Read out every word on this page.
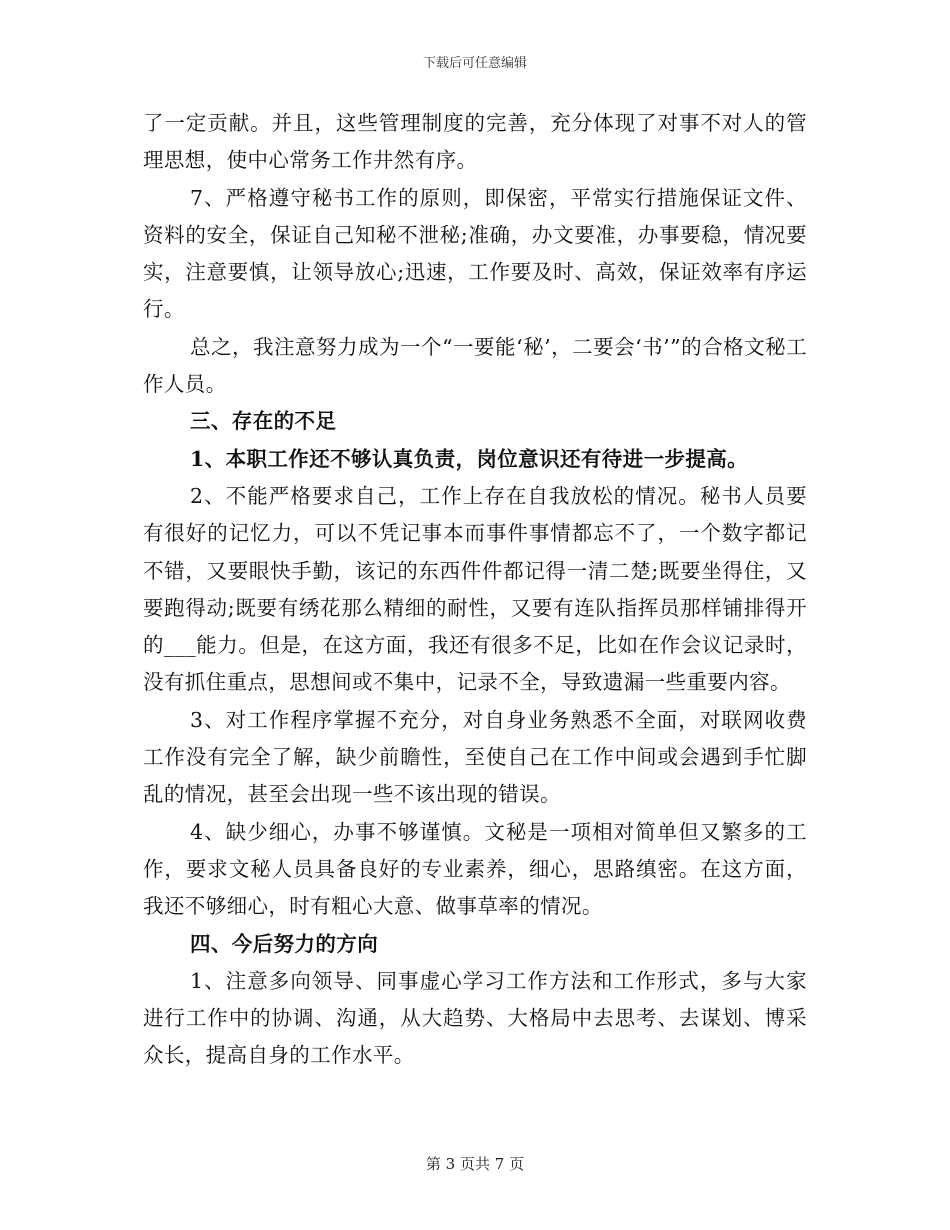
下载后可任意编辑

了一定贡献。并且，这些管理制度的完善，充分体现了对事不对人的管理思想，使中心常务工作井然有序。

7、严格遵守秘书工作的原则，即保密，平常实行措施保证文件、资料的安全，保证自己知秘不泄秘;准确，办文要准，办事要稳，情况要实，注意要慎，让领导放心;迅速，工作要及时、高效，保证效率有序运行。

总之，我注意努力成为一个“一要能‘秘’，二要会‘书’”的合格文秘工作人员。

三、存在的不足

1、本职工作还不够认真负责，岗位意识还有待进一步提高。

2、不能严格要求自己，工作上存在自我放松的情况。秘书人员要有很好的记忆力，可以不凭记事本而事件事情都忘不了，一个数字都记不错，又要眼快手勤，该记的东西件件都记得一清二楚;既要坐得住，又要跑得动;既要有绣花那么精细的耐性，又要有连队指挥员那样铺排得开的___能力。但是，在这方面，我还有很多不足，比如在作会议记录时，没有抓住重点，思想间或不集中，记录不全，导致遗漏一些重要内容。

3、对工作程序掌握不充分，对自身业务熟悉不全面，对联网收费工作没有完全了解，缺少前瞻性，至使自己在工作中间或会遇到手忙脚乱的情况，甚至会出现一些不该出现的错误。

4、缺少细心，办事不够谨慎。文秘是一项相对简单但又繁多的工作，要求文秘人员具备良好的专业素养，细心，思路缜密。在这方面，我还不够细心，时有粗心大意、做事草率的情况。

四、今后努力的方向

1、注意多向领导、同事虚心学习工作方法和工作形式，多与大家进行工作中的协调、沟通，从大趋势、大格局中去思考、去谋划、博采众长，提高自身的工作水平。

第 3 页共 7 页
